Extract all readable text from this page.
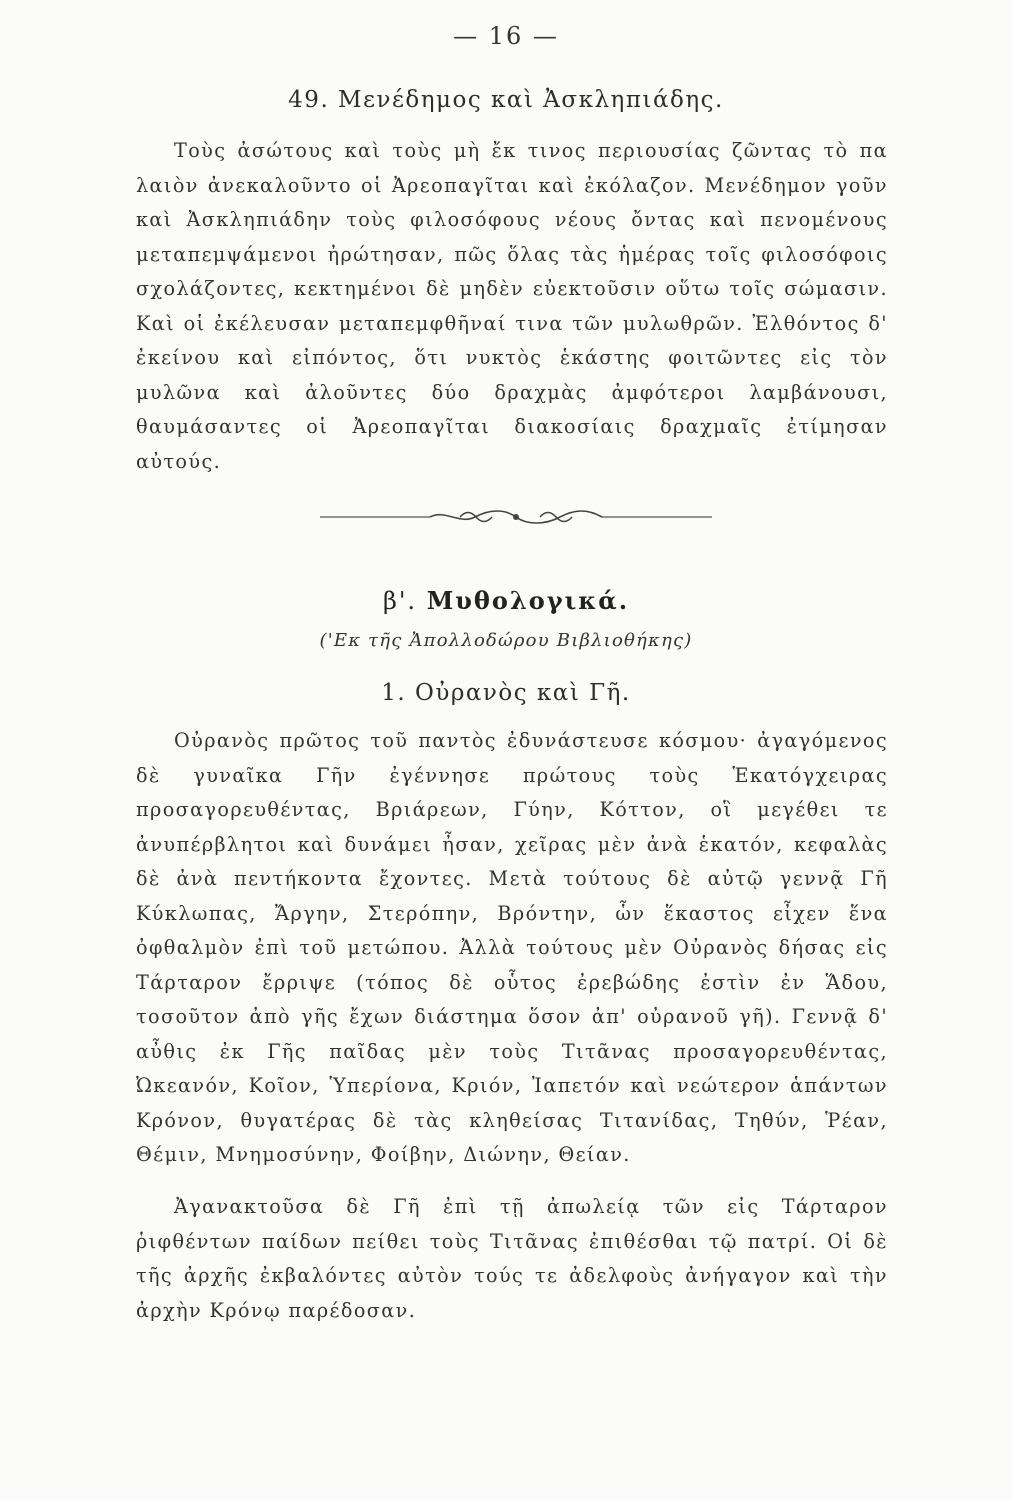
— 16 —
49. Μενέδημος καὶ Ἀσκληπιάδης.

Τοὺς ἀσώτους καὶ τοὺς μὴ ἔκ τινος περιουσίας ζῶντας τὸ πα λαιὸν ἀνεκαλοῦντο οἱ Ἀρεοπαγῖται καὶ ἐκόλαζον. Μενέδημον γοῦν καὶ Ἀσκληπιάδην τοὺς φιλοσόφους νέους ὄντας καὶ πενομένους μεταπεμψάμενοι ἠρώτησαν, πῶς ὅλας τὰς ἡμέρας τοῖς φιλοσόφοις σχολάζοντες, κεκτημένοι δὲ μηδὲν εὐεκτοῦσιν οὕτω τοῖς σώμασιν. Καὶ οἱ ἐκέλευσαν μεταπεμφθῆναί τινα τῶν μυλωθρῶν. Ἐλθόντος δ' ἐκείνου καὶ εἰπόντος, ὅτι νυκτὸς ἑκάστης φοιτῶντες εἰς τὸν μυλῶνα καὶ ἀλοῦντες δύο δραχμὰς ἀμφότεροι λαμβάνουσι, θαυμάσαντες οἱ Ἀρεοπαγῖται διακοσίαις δραχμαῖς ἐτίμησαν αὐτούς.

β'. Μυθολογικά.
('Εκ τῆς Ἀπολλοδώρου Βιβλιοθήκης)
1. Οὐρανὸς καὶ Γῆ.

Οὐρανὸς πρῶτος τοῦ παντὸς ἐδυνάστευσε κόσμου· ἀγαγόμενος δὲ γυναῖκα Γῆν ἐγέννησε πρώτους τοὺς Ἑκατόγχειρας προσαγορευθέντας, Βριάρεων, Γύην, Κόττον, οἳ μεγέθει τε ἀνυπέρβλητοι καὶ δυνάμει ἦσαν, χεῖρας μὲν ἀνὰ ἑκατόν, κεφαλὰς δὲ ἀνὰ πεντήκοντα ἔχοντες. Μετὰ τούτους δὲ αὐτῷ γεννᾷ Γῆ Κύκλωπας, Ἄργην, Στερόπην, Βρόντην, ὧν ἕκαστος εἶχεν ἕνα ὀφθαλμὸν ἐπὶ τοῦ μετώπου. Ἀλλὰ τούτους μὲν Οὐρανὸς δήσας εἰς Τάρταρον ἔρριψε (τόπος δὲ οὗτος ἐρεβώδης ἐστὶν ἐν Ἅδου, τοσοῦτον ἀπὸ γῆς ἔχων διάστημα ὅσον ἀπ' οὐρανοῦ γῆ). Γεννᾷ δ' αὖθις ἐκ Γῆς παῖδας μὲν τοὺς Τιτᾶνας προσαγορευθέντας, Ὠκεανόν, Κοῖον, Ὑπερίονα, Κριόν, Ἰαπετόν καὶ νεώτερον ἁπάντων Κρόνον, θυγατέρας δὲ τὰς κληθείσας Τιτανίδας, Τηθύν, Ῥέαν, Θέμιν, Μνημοσύνην, Φοίβην, Διώνην, Θείαν.

Ἀγανακτοῦσα δὲ Γῆ ἐπὶ τῇ ἀπωλείᾳ τῶν εἰς Τάρταρον ῥιφθέντων παίδων πείθει τοὺς Τιτᾶνας ἐπιθέσθαι τῷ πατρί. Οἱ δὲ τῆς ἀρχῆς ἐκβαλόντες αὐτὸν τούς τε ἀδελφοὺς ἀνήγαγον καὶ τὴν ἀρχὴν Κρόνῳ παρέδοσαν.
